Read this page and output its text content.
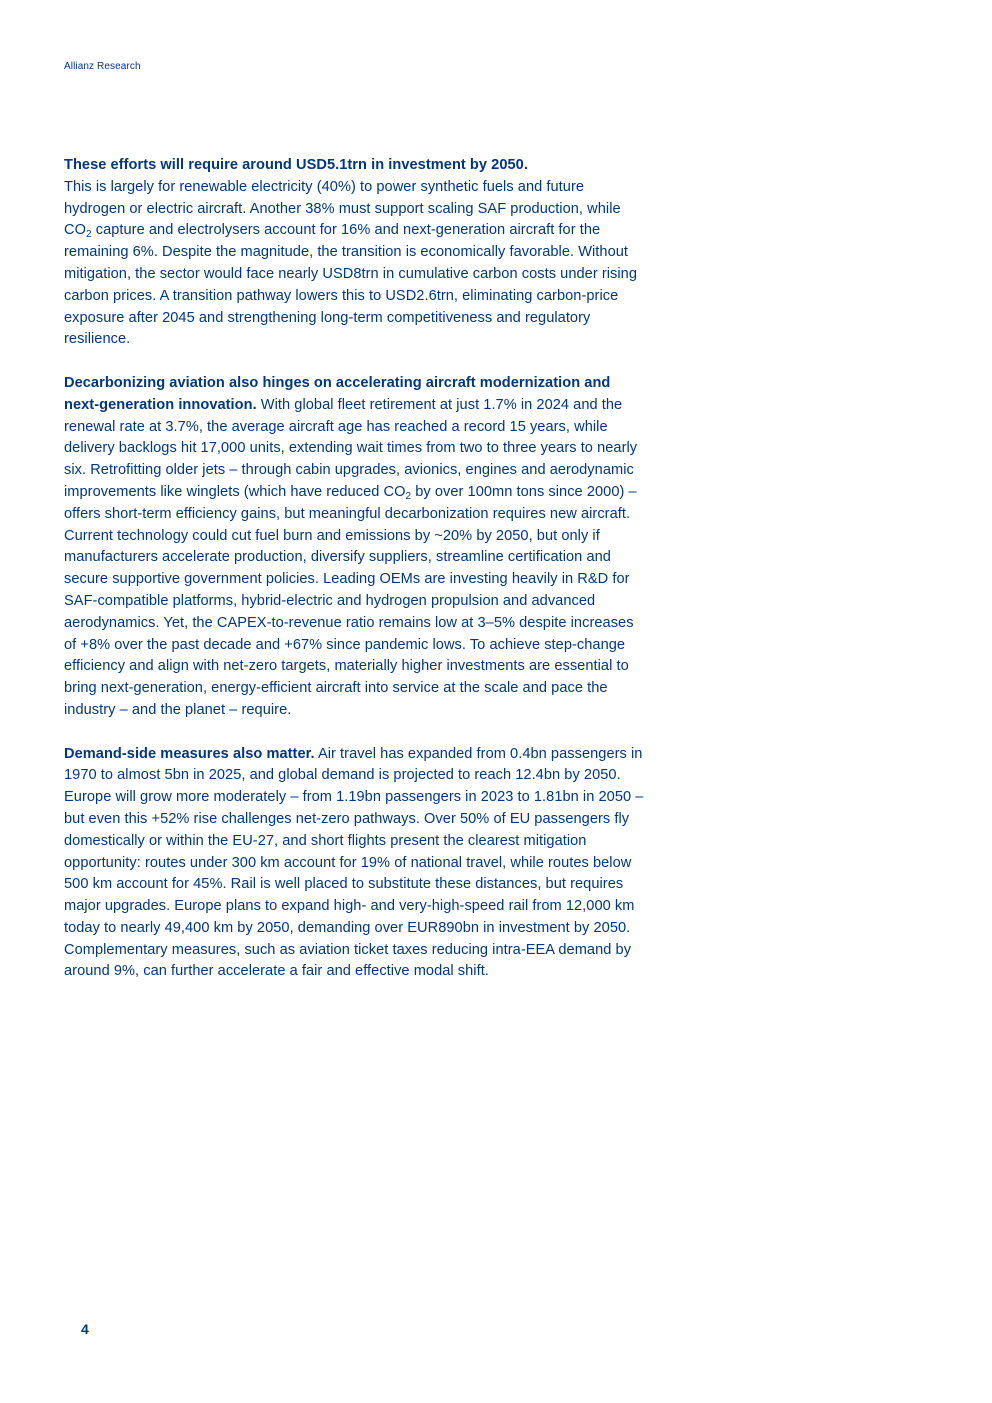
Allianz Research

These efforts will require around USD5.1trn in investment by 2050.
This is largely for renewable electricity (40%) to power synthetic fuels and future hydrogen or electric aircraft. Another 38% must support scaling SAF production, while $CO_2$ capture and electrolysers account for 16% and next-generation aircraft for the remaining 6%. Despite the magnitude, the transition is economically favorable. Without mitigation, the sector would face nearly USD8trn in cumulative carbon costs under rising carbon prices. A transition pathway lowers this to USD2.6trn, eliminating carbon-price exposure after 2045 and strengthening long-term competitiveness and regulatory resilience.

Decarbonizing aviation also hinges on accelerating aircraft modernization and next-generation innovation. With global fleet retirement at just 1.7% in 2024 and the renewal rate at 3.7%, the average aircraft age has reached a record 15 years, while delivery backlogs hit 17,000 units, extending wait times from two to three years to nearly six. Retrofitting older jets – through cabin upgrades, avionics, engines and aerodynamic improvements like winglets (which have reduced $CO_2$ by over 100mn tons since 2000) – offers short-term efficiency gains, but meaningful decarbonization requires new aircraft. Current technology could cut fuel burn and emissions by ~20% by 2050, but only if manufacturers accelerate production, diversify suppliers, streamline certification and secure supportive government policies. Leading OEMs are investing heavily in R&D for SAF-compatible platforms, hybrid-electric and hydrogen propulsion and advanced aerodynamics. Yet, the CAPEX-to-revenue ratio remains low at 3–5% despite increases of +8% over the past decade and +67% since pandemic lows. To achieve step-change efficiency and align with net-zero targets, materially higher investments are essential to bring next-generation, energy-efficient aircraft into service at the scale and pace the industry – and the planet – require.

Demand-side measures also matter. Air travel has expanded from 0.4bn passengers in 1970 to almost 5bn in 2025, and global demand is projected to reach 12.4bn by 2050. Europe will grow more moderately – from 1.19bn passengers in 2023 to 1.81bn in 2050 – but even this +52% rise challenges net-zero pathways. Over 50% of EU passengers fly domestically or within the EU-27, and short flights present the clearest mitigation opportunity: routes under 300 km account for 19% of national travel, while routes below 500 km account for 45%. Rail is well placed to substitute these distances, but requires major upgrades. Europe plans to expand high- and very-high-speed rail from 12,000 km today to nearly 49,400 km by 2050, demanding over EUR890bn in investment by 2050. Complementary measures, such as aviation ticket taxes reducing intra-EEA demand by around 9%, can further accelerate a fair and effective modal shift.

4
